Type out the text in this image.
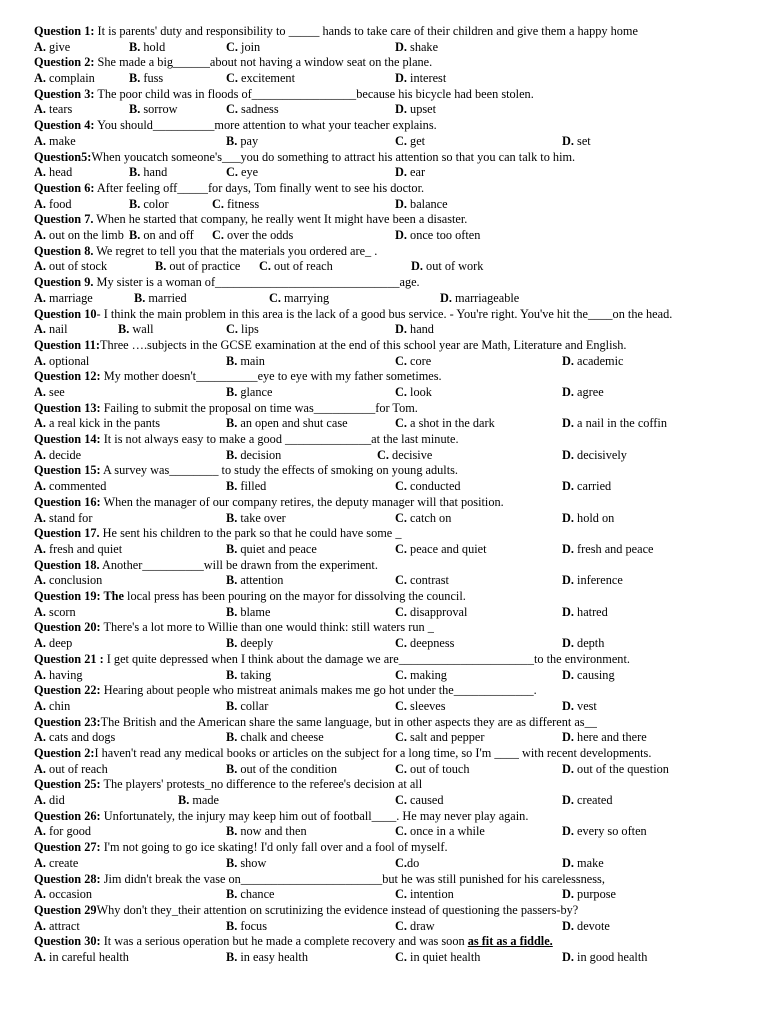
Question 1: It is parents' duty and responsibility to _____ hands to take care of their children and give them a happy home
A. give	B. hold	C. join	D. shake
Question 2: She made a big______about not having a window seat on the plane.
A. complain	B. fuss	C. excitement	D. interest
Question 3: The poor child was in floods of_________________because his bicycle had been stolen.
A. tears	B. sorrow	C. sadness	D. upset
Question 4: You should__________more attention to what your teacher explains.
A. make	B. pay	C. get	D. set
Question5:When youcatch someone's___you do something to attract his attention so that you can talk to him.
A. head	B. hand	C. eye	D. ear
Question 6: After feeling off_____for days, Tom finally went to see his doctor.
A. food	B. color	C. fitness	D. balance
Question 7. When he started that company, he really went It might have been a disaster.
A. out on the limb B. on and off C. over the odds	D. once too often
Question 8. We regret to tell you that the materials you ordered are_ .
A. out of stock	B. out of practice C. out of reach	D. out of work
Question 9. My sister is a woman of______________________________age.
A. marriage	B. married	C. marrying	D. marriageable
Question 10- I think the main problem in this area is the lack of a good bus service. - You're right. You've hit the____on the head.
A. nail	B. wall	C. lips	D. hand
Question 11:Three ….subjects in the GCSE examination at the end of this school year are Math, Literature and English.
A. optional	B. main	C. core	D. academic
Question 12: My mother doesn't__________eye to eye with my father sometimes.
A. see	B. glance	C. look	D. agree
Question 13: Failing to submit the proposal on time was__________for Tom.
A. a real kick in the pants	B. an open and shut case	C. a shot in the dark	D. a nail in the coffin
Question 14: It is not always easy to make a good ______________at the last minute.
A. decide	B. decision	C. decisive	D. decisively
Question 15: A survey was________ to study the effects of smoking on young adults.
A. commented	B. filled	C. conducted	D. carried
Question 16: When the manager of our company retires, the deputy manager will that position.
A. stand for	B. take over	C. catch on	D. hold on
Question 17. He sent his children to the park so that he could have some _
A. fresh and quiet	B. quiet and peace	C. peace and quiet	D. fresh and peace
Question 18. Another__________will be drawn from the experiment.
A. conclusion	B. attention	C. contrast	D. inference
Question 19: The local press has been pouring on the mayor for dissolving the council.
A. scorn	B. blame	C. disapproval	D. hatred
Question 20: There's a lot more to Willie than one would think: still waters run _
A. deep	B. deeply	C. deepness	D. depth
Question 21 : I get quite depressed when I think about the damage we are______________________to the environment.
A. having	B. taking	C. making	D. causing
Question 22: Hearing about people who mistreat animals makes me go hot under the_____________.
A. chin	B. collar	C. sleeves	D. vest
Question 23:The British and the American share the same language, but in other aspects they are as different as__
A. cats and dogs	B. chalk and cheese	C. salt and pepper	D. here and there
Question 2:I haven't read any medical books or articles on the subject for a long time, so I'm ____ with recent developments.
A. out of reach	B. out of the condition	C. out of touch	D. out of the question
Question 25: The players' protests_no difference to the referee's decision at all
A. did	B. made	C. caused	D. created
Question 26: Unfortunately, the injury may keep him out of football____. He may never play again.
A. for good	B. now and then	C. once in a while	D. every so often
Question 27: I'm not going to go ice skating! I'd only fall over and a fool of myself.
A. create	B. show	C.do	D. make
Question 28: Jim didn't break the vase on_______________________but he was still punished for his carelessness,
A. occasion	B. chance	C. intention	D. purpose
Question 29Why don't they_their attention on scrutinizing the evidence instead of questioning the passers-by?
A. attract	B. focus	C. draw	D. devote
Question 30: It was a serious operation but he made a complete recovery and was soon as fit as a fiddle.
A. in careful health	B. in easy health	C. in quiet health	D. in good health
